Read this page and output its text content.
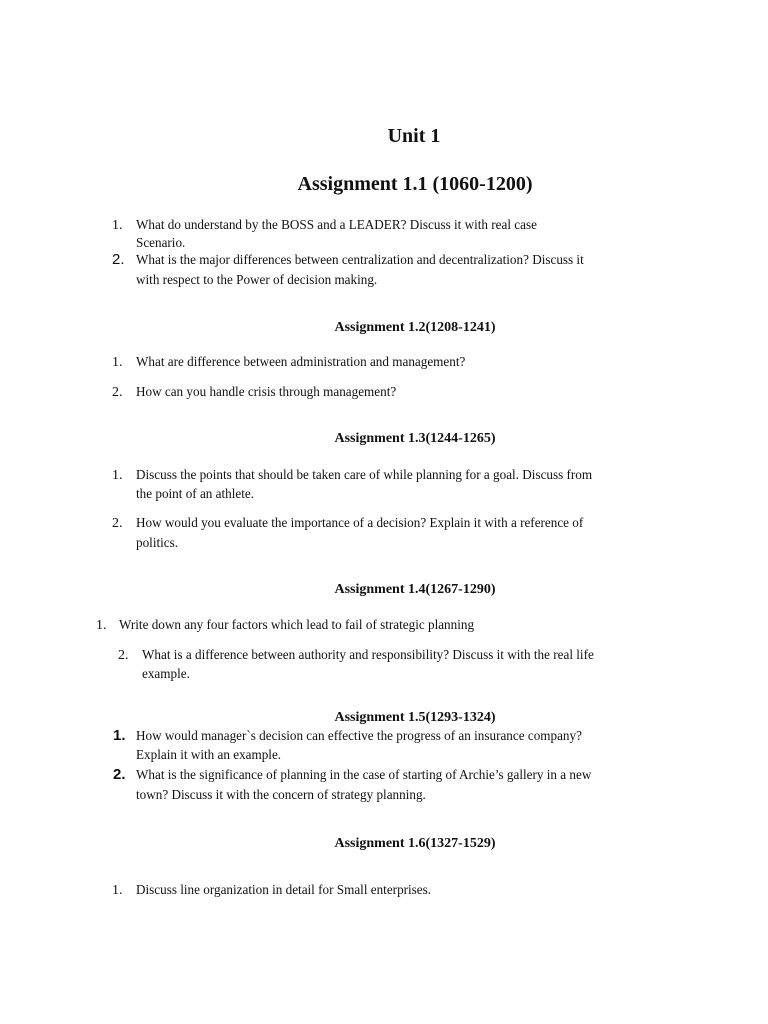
Unit 1
Assignment 1.1 (1060-1200)
1. What do understand by the BOSS and a LEADER? Discuss it with real case
Scenario.
2. What is the major differences between centralization and decentralization? Discuss it
with respect to the Power of decision making.
Assignment 1.2(1208-1241)
1. What are difference between administration and management?
2. How can you handle crisis through management?
Assignment 1.3(1244-1265)
1. Discuss the points that should be taken care of while planning for a goal. Discuss from
the point of an athlete.
2. How would you evaluate the importance of a decision? Explain it with a reference of
politics.
Assignment 1.4(1267-1290)
1. Write down any four factors which lead to fail of strategic planning
2. What is a difference between authority and responsibility? Discuss it with the real life
example.
Assignment 1.5(1293-1324)
1. How would manager`s decision can effective the progress of an insurance company?
Explain it with an example.
2. What is the significance of planning in the case of starting of Archie’s gallery in a new
town? Discuss it with the concern of strategy planning.
Assignment 1.6(1327-1529)
1. Discuss line organization in detail for Small enterprises.
